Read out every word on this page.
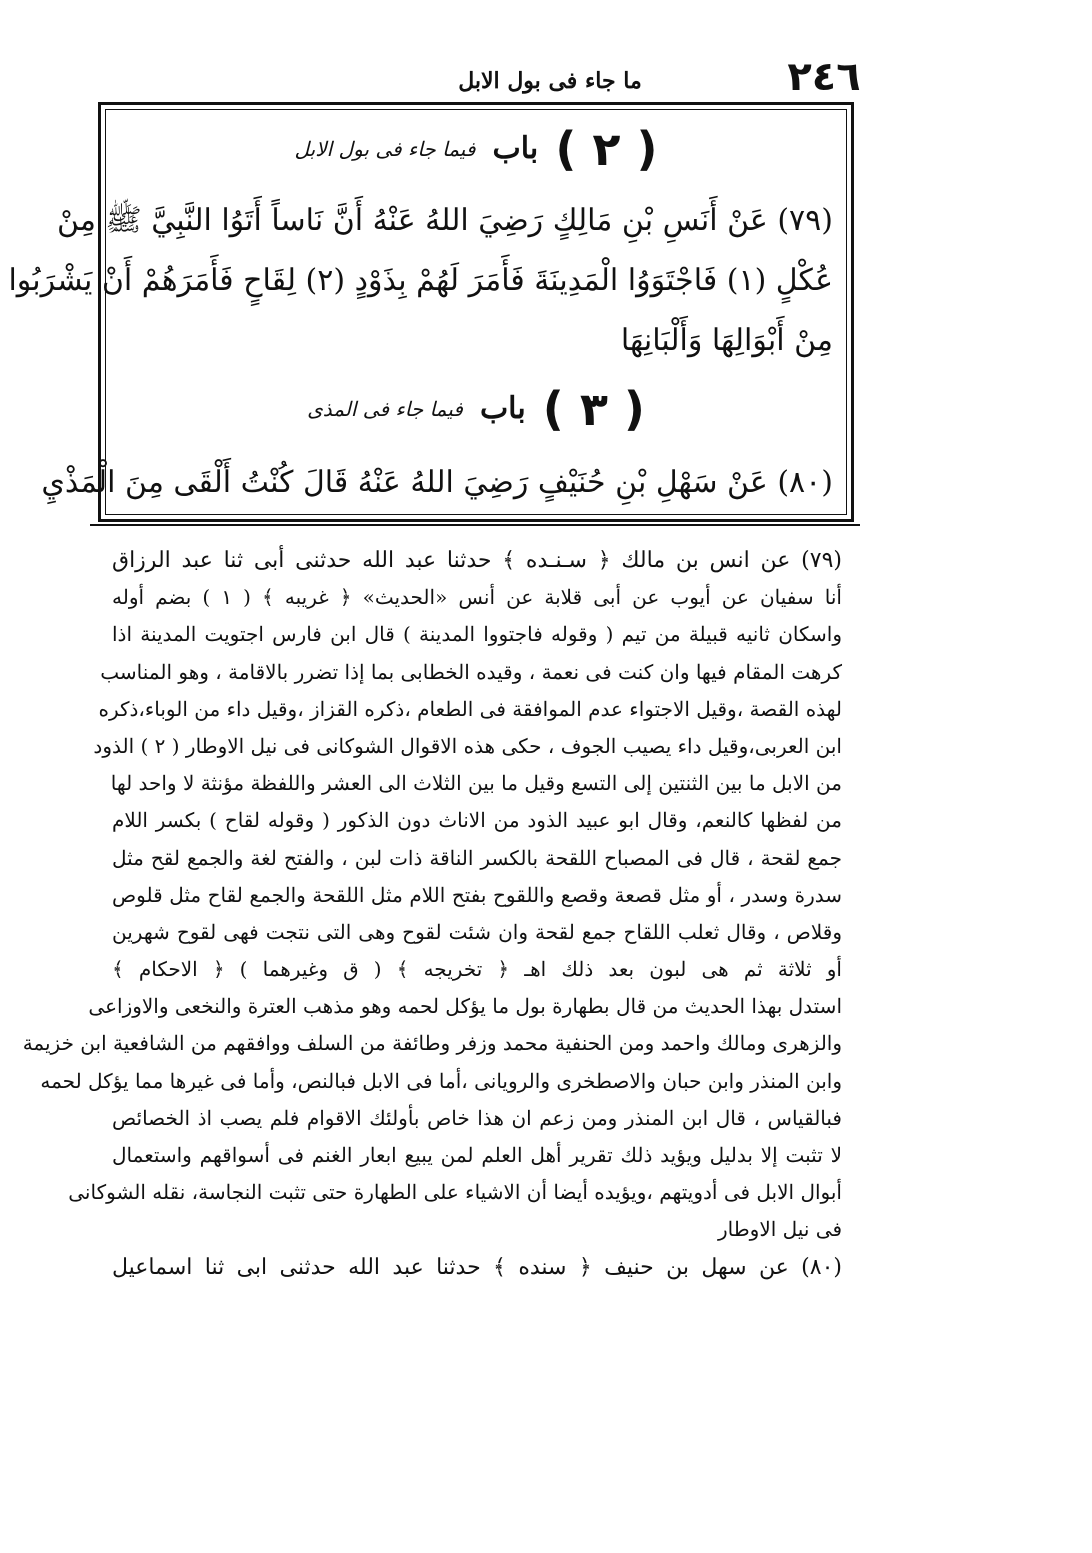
٢٤٦
ما جاء فى بول الابل
( ٢ ) باب فيما جاء فى بول الابل
(٧٩) عَنْ أَنَسِ بْنِ مَالِكٍ رَضِيَ اللهُ عَنْهُ أَنَّ نَاساً أَتَوُا النَّبِيَّ ﷺ مِنْ
عُكْلٍ (١) فَاجْتَوَوُا الْمَدِينَةَ فَأَمَرَ لَهُمْ بِذَوْدٍ (٢) لِقَاحٍ فَأَمَرَهُمْ أَنْ يَشْرَبُوا
مِنْ أَبْوَالِهَا وَأَلْبَانِهَا
( ٣ ) باب فيما جاء فى المذى
(٨٠) عَنْ سَهْلِ بْنِ حُنَيْفٍ رَضِيَ اللهُ عَنْهُ قَالَ كُنْتُ أَلْقَى مِنَ الْمَذْيِ
(٧٩) عن انس بن مالك ﴿ سـنـده ﴾ حدثنا عبد الله حدثنى أبى ثنا عبد الرزاق
أنا سفيان عن أيوب عن أبى قلابة عن أنس «الحديث» ﴿ غريبه ﴾ ( ١ ) بضم أوله
واسكان ثانيه قبيلة من تيم ( وقوله فاجتووا المدينة ) قال ابن فارس اجتويت المدينة اذا
كرهت المقام فيها وان كنت فى نعمة ، وقيده الخطابى بما إذا تضرر بالاقامة ، وهو المناسب
لهذه القصة ،وقيل الاجتواء عدم الموافقة فى الطعام ،ذكره القزاز ،وقيل داء من الوباء،ذكره
ابن العربى،وقيل داء يصيب الجوف ، حكى هذه الاقوال الشوكانى فى نيل الاوطار ( ٢ ) الذود
من الابل ما بين الثنتين إلى التسع وقيل ما بين الثلاث الى العشر واللفظة مؤنثة لا واحد لها
من لفظها كالنعم، وقال ابو عبيد الذود من الاناث دون الذكور ( وقوله لقاح ) بكسر اللام
جمع لقحة ، قال فى المصباح اللقحة بالكسر الناقة ذات لبن ، والفتح لغة والجمع لقح مثل
سدرة وسدر ، أو مثل قصعة وقصع واللقوح بفتح اللام مثل اللقحة والجمع لقاح مثل قلوص
وقلاص ، وقال ثعلب اللقاح جمع لقحة وان شئت لقوح وهى التى نتجت فهى لقوح شهرين
أو ثلاثة ثم هى لبون بعد ذلك اهـ ﴿ تخريجه ﴾ ( ق وغيرهما ) ﴿ الاحكام ﴾
استدل بهذا الحديث من قال بطهارة بول ما يؤكل لحمه وهو مذهب العترة والنخعى والاوزاعى
والزهرى ومالك واحمد ومن الحنفية محمد وزفر وطائفة من السلف ووافقهم من الشافعية ابن خزيمة
وابن المنذر وابن حبان والاصطخرى والرويانى ،أما فى الابل فبالنص، وأما فى غيرها مما يؤكل لحمه
فبالقياس ، قال ابن المنذر ومن زعم ان هذا خاص بأولئك الاقوام فلم يصب اذ الخصائص
لا تثبت إلا بدليل ويؤيد ذلك تقرير أهل العلم لمن يبيع ابعار الغنم فى أسواقهم واستعمال
أبوال الابل فى أدويتهم ،ويؤيده أيضا أن الاشياء على الطهارة حتى تثبت النجاسة، نقله الشوكانى
فى نيل الاوطار
(٨٠) عن سهل بن حنيف ﴿ سنده ﴾ حدثنا عبد الله حدثنى ابى ثنا اسماعيل
